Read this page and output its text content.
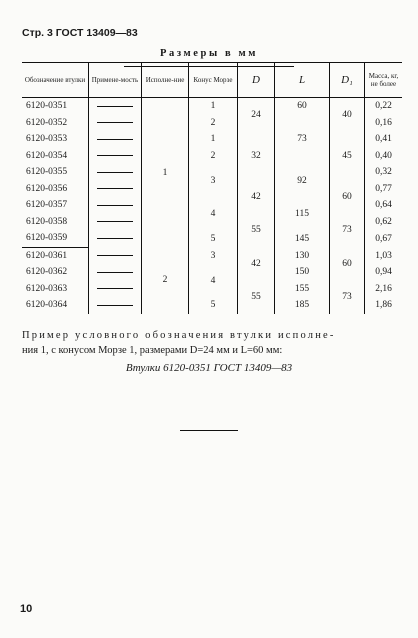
Стр. 3 ГОСТ 13409—83
Размеры в мм

Обозначение втулки	Примене-мость	Исполне-ние	Конус Морзе	D	L	D₁	Масса, кг, не более
6120-0351		1	1	24	60	40	0,22
6120-0352			2		73		0,16
6120-0353			1	32		45	0,41
6120-0354			2				0,40
6120-0355			3		92		0,32
6120-0356				42		60	0,77
6120-0357			4		115		0,64
6120-0358				55		73	0,62
6120-0359			5		145		0,67
6120-0361		2	3	42	130	60	1,03
6120-0362			4		150		0,94
6120-0363				55	155	73	2,16
6120-0364			5		185		1,86
Пример условного обозначения втулки исполне-
ния 1, с конусом Морзе 1, размерами D=24 мм и L=60 мм:
Втулки 6120-0351 ГОСТ 13409—83
10
